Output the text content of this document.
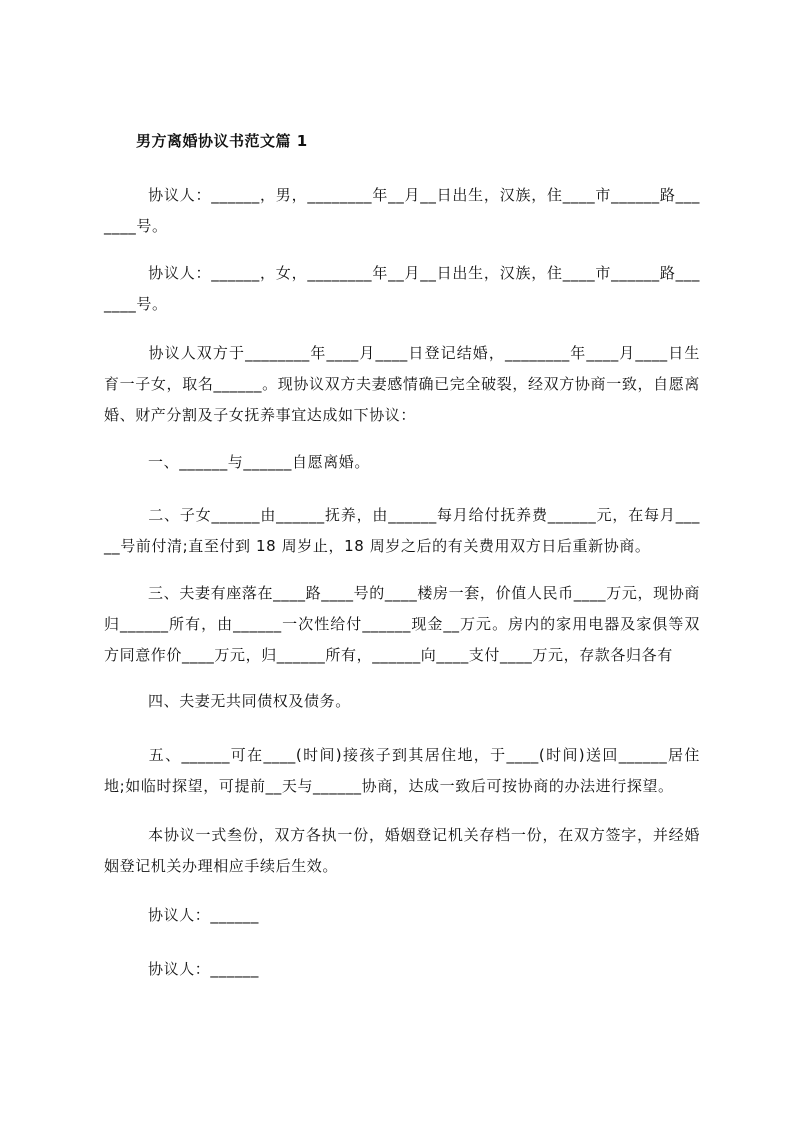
男方离婚协议书范文篇 1
协议人：______，男，________年__月__日出生，汉族，住____市______路_______号。
协议人：______，女，________年__月__日出生，汉族，住____市______路_______号。
协议人双方于________年____月____日登记结婚，________年____月____日生育一子女，取名______。现协议双方夫妻感情确已完全破裂，经双方协商一致，自愿离婚、财产分割及子女抚养事宜达成如下协议：
一、______与______自愿离婚。
二、子女______由______抚养，由______每月给付抚养费______元，在每月_____号前付清;直至付到 18 周岁止，18 周岁之后的有关费用双方日后重新协商。
三、夫妻有座落在____路____号的____楼房一套，价值人民币____万元，现协商归______所有，由______一次性给付______现金__万元。房内的家用电器及家俱等双方同意作价____万元，归______所有，______向____支付____万元，存款各归各有
四、夫妻无共同债权及债务。
五、______可在____(时间)接孩子到其居住地，于____(时间)送回______居住地;如临时探望，可提前__天与______协商，达成一致后可按协商的办法进行探望。
本协议一式叁份，双方各执一份，婚姻登记机关存档一份，在双方签字，并经婚姻登记机关办理相应手续后生效。
协议人：______
协议人：______
